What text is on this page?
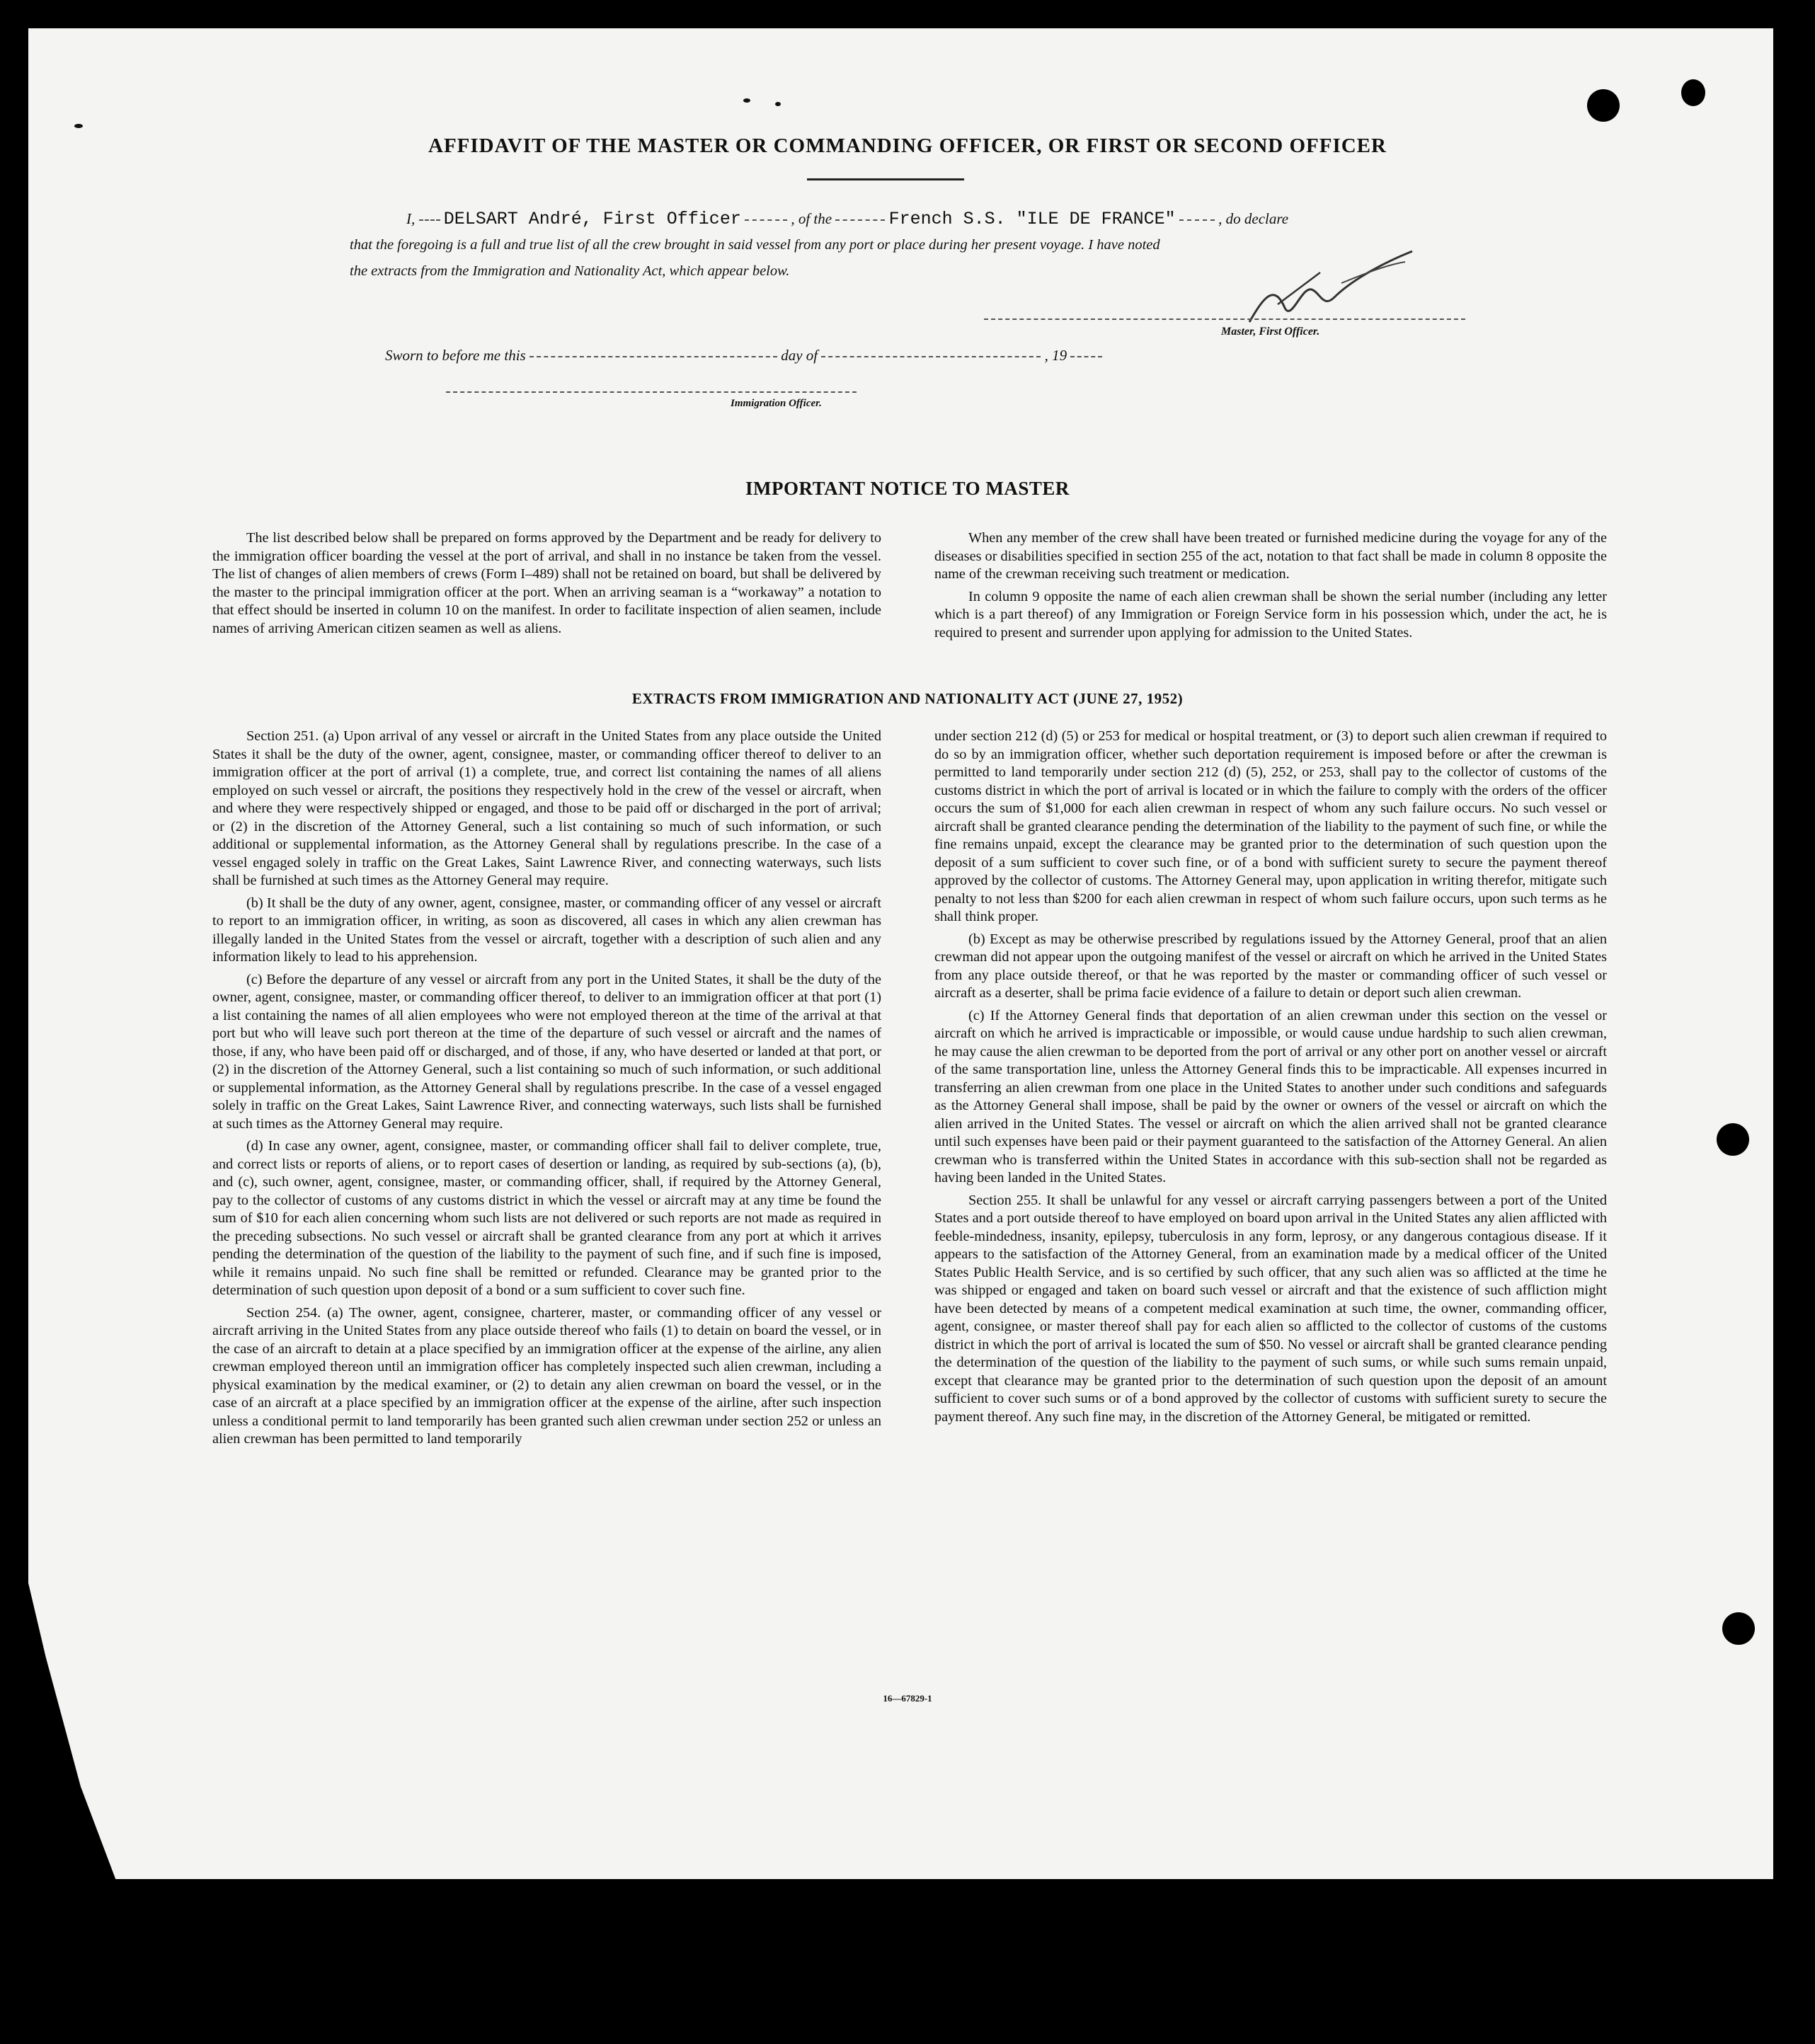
AFFIDAVIT OF THE MASTER OR COMMANDING OFFICER, OR FIRST OR SECOND OFFICER
I, DELSART André, First Officer	, of the	French S.S. "ILE DE FRANCE"	, do declare
that the foregoing is a full and true list of all the crew brought in said vessel from any port or place during her present voyage. I have noted
the extracts from the Immigration and Nationality Act, which appear below.
Master, First Officer.
Sworn to before me this	day of	, 19
Immigration Officer.
IMPORTANT NOTICE TO MASTER

The list described below shall be prepared on forms approved by the Department and be ready for delivery to the immigration officer boarding the vessel at the port of arrival, and shall in no instance be taken from the vessel. The list of changes of alien members of crews (Form I–489) shall not be retained on board, but shall be delivered by the master to the principal immigration officer at the port. When an arriving seaman is a “workaway” a notation to that effect should be inserted in column 10 on the manifest. In order to facilitate inspection of alien seamen, include names of arriving American citizen seamen as well as aliens.

When any member of the crew shall have been treated or furnished medicine during the voyage for any of the diseases or disabilities specified in section 255 of the act, notation to that fact shall be made in column 8 opposite the name of the crewman receiving such treatment or medication.

In column 9 opposite the name of each alien crewman shall be shown the serial number (including any letter which is a part thereof) of any Immigration or Foreign Service form in his possession which, under the act, he is required to present and surrender upon applying for admission to the United States.

EXTRACTS FROM IMMIGRATION AND NATIONALITY ACT (JUNE 27, 1952)

Section 251. (a) Upon arrival of any vessel or aircraft in the United States from any place outside the United States it shall be the duty of the owner, agent, consignee, master, or commanding officer thereof to deliver to an immigration officer at the port of arrival (1) a complete, true, and correct list containing the names of all aliens employed on such vessel or aircraft, the positions they respectively hold in the crew of the vessel or aircraft, when and where they were respectively shipped or engaged, and those to be paid off or discharged in the port of arrival; or (2) in the discretion of the Attorney General, such a list containing so much of such information, or such additional or supplemental information, as the Attorney General shall by regulations prescribe. In the case of a vessel engaged solely in traffic on the Great Lakes, Saint Lawrence River, and connecting waterways, such lists shall be furnished at such times as the Attorney General may require.

(b) It shall be the duty of any owner, agent, consignee, master, or commanding officer of any vessel or aircraft to report to an immigration officer, in writing, as soon as discovered, all cases in which any alien crewman has illegally landed in the United States from the vessel or aircraft, together with a description of such alien and any information likely to lead to his apprehension.

(c) Before the departure of any vessel or aircraft from any port in the United States, it shall be the duty of the owner, agent, consignee, master, or commanding officer thereof, to deliver to an immigration officer at that port (1) a list containing the names of all alien employees who were not employed thereon at the time of the arrival at that port but who will leave such port thereon at the time of the departure of such vessel or aircraft and the names of those, if any, who have been paid off or discharged, and of those, if any, who have deserted or landed at that port, or (2) in the discretion of the Attorney General, such a list containing so much of such information, or such additional or supplemental information, as the Attorney General shall by regulations prescribe. In the case of a vessel engaged solely in traffic on the Great Lakes, Saint Lawrence River, and connecting waterways, such lists shall be furnished at such times as the Attorney General may require.

(d) In case any owner, agent, consignee, master, or commanding officer shall fail to deliver complete, true, and correct lists or reports of aliens, or to report cases of desertion or landing, as required by sub-sections (a), (b), and (c), such owner, agent, consignee, master, or commanding officer, shall, if required by the Attorney General, pay to the collector of customs of any customs district in which the vessel or aircraft may at any time be found the sum of $10 for each alien concerning whom such lists are not delivered or such reports are not made as required in the preceding subsections. No such vessel or aircraft shall be granted clearance from any port at which it arrives pending the determination of the question of the liability to the payment of such fine, and if such fine is imposed, while it remains unpaid. No such fine shall be remitted or refunded. Clearance may be granted prior to the determination of such question upon deposit of a bond or a sum sufficient to cover such fine.

Section 254. (a) The owner, agent, consignee, charterer, master, or commanding officer of any vessel or aircraft arriving in the United States from any place outside thereof who fails (1) to detain on board the vessel, or in the case of an aircraft to detain at a place specified by an immigration officer at the expense of the airline, any alien crewman employed thereon until an immigration officer has completely inspected such alien crewman, including a physical examination by the medical examiner, or (2) to detain any alien crewman on board the vessel, or in the case of an aircraft at a place specified by an immigration officer at the expense of the airline, after such inspection unless a conditional permit to land temporarily has been granted such alien crewman under section 252 or unless an alien crewman has been permitted to land temporarily

under section 212 (d) (5) or 253 for medical or hospital treatment, or (3) to deport such alien crewman if required to do so by an immigration officer, whether such deportation requirement is imposed before or after the crewman is permitted to land temporarily under section 212 (d) (5), 252, or 253, shall pay to the collector of customs of the customs district in which the port of arrival is located or in which the failure to comply with the orders of the officer occurs the sum of $1,000 for each alien crewman in respect of whom any such failure occurs. No such vessel or aircraft shall be granted clearance pending the determination of the liability to the payment of such fine, or while the fine remains unpaid, except the clearance may be granted prior to the determination of such question upon the deposit of a sum sufficient to cover such fine, or of a bond with sufficient surety to secure the payment thereof approved by the collector of customs. The Attorney General may, upon application in writing therefor, mitigate such penalty to not less than $200 for each alien crewman in respect of whom such failure occurs, upon such terms as he shall think proper.

(b) Except as may be otherwise prescribed by regulations issued by the Attorney General, proof that an alien crewman did not appear upon the outgoing manifest of the vessel or aircraft on which he arrived in the United States from any place outside thereof, or that he was reported by the master or commanding officer of such vessel or aircraft as a deserter, shall be prima facie evidence of a failure to detain or deport such alien crewman.

(c) If the Attorney General finds that deportation of an alien crewman under this section on the vessel or aircraft on which he arrived is impracticable or impossible, or would cause undue hardship to such alien crewman, he may cause the alien crewman to be deported from the port of arrival or any other port on another vessel or aircraft of the same transportation line, unless the Attorney General finds this to be impracticable. All expenses incurred in transferring an alien crewman from one place in the United States to another under such conditions and safeguards as the Attorney General shall impose, shall be paid by the owner or owners of the vessel or aircraft on which the alien arrived in the United States. The vessel or aircraft on which the alien arrived shall not be granted clearance until such expenses have been paid or their payment guaranteed to the satisfaction of the Attorney General. An alien crewman who is transferred within the United States in accordance with this sub-section shall not be regarded as having been landed in the United States.

Section 255. It shall be unlawful for any vessel or aircraft carrying passengers between a port of the United States and a port outside thereof to have employed on board upon arrival in the United States any alien afflicted with feeble-mindedness, insanity, epilepsy, tuberculosis in any form, leprosy, or any dangerous contagious disease. If it appears to the satisfaction of the Attorney General, from an examination made by a medical officer of the United States Public Health Service, and is so certified by such officer, that any such alien was so afflicted at the time he was shipped or engaged and taken on board such vessel or aircraft and that the existence of such affliction might have been detected by means of a competent medical examination at such time, the owner, commanding officer, agent, consignee, or master thereof shall pay for each alien so afflicted to the collector of customs of the customs district in which the port of arrival is located the sum of $50. No vessel or aircraft shall be granted clearance pending the determination of the question of the liability to the payment of such sums, or while such sums remain unpaid, except that clearance may be granted prior to the determination of such question upon the deposit of an amount sufficient to cover such sums or of a bond approved by the collector of customs with sufficient surety to secure the payment thereof. Any such fine may, in the discretion of the Attorney General, be mitigated or remitted.

16—67829-1
